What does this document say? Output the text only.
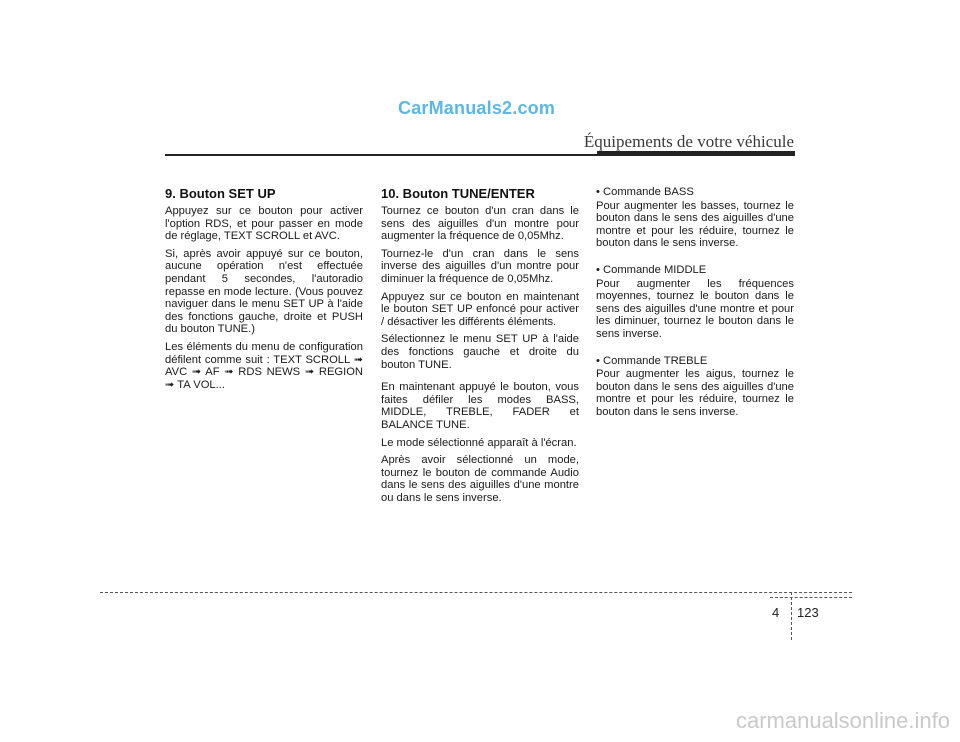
CarManuals2.com
Équipements de votre véhicule
9. Bouton SET UP

Appuyez sur ce bouton pour activer l'option RDS, et pour passer en mode de réglage, TEXT SCROLL et AVC.

Si, après avoir appuyé sur ce bouton, aucune opération n'est effectuée pendant 5 secondes, l'autoradio repasse en mode lecture. (Vous pouvez naviguer dans le menu SET UP à l'aide des fonctions gauche, droite et PUSH du bouton TUNE.)

Les éléments du menu de configuration défilent comme suit : TEXT SCROLL ➟ AVC ➟ AF ➟ RDS NEWS ➟ REGION ➟ TA VOL...

10. Bouton TUNE/ENTER

Tournez ce bouton d'un cran dans le sens des aiguilles d'un montre pour augmenter la fréquence de 0,05Mhz.

Tournez-le d'un cran dans le sens inverse des aiguilles d'un montre pour diminuer la fréquence de 0,05Mhz.

Appuyez sur ce bouton en maintenant le bouton SET UP enfoncé pour activer / désactiver les différents éléments.

Sélectionnez le menu SET UP à l'aide des fonctions gauche et droite du bouton TUNE.

En maintenant appuyé le bouton, vous faites défiler les modes BASS, MIDDLE, TREBLE, FADER et BALANCE TUNE.

Le mode sélectionné apparaît à l'écran.

Après avoir sélectionné un mode, tournez le bouton de commande Audio dans le sens des aiguilles d'une montre ou dans le sens inverse.

• Commande BASS

Pour augmenter les basses, tournez le bouton dans le sens des aiguilles d'une montre et pour les réduire, tournez le bouton dans le sens inverse.

• Commande MIDDLE

Pour augmenter les fréquences moyennes, tournez le bouton dans le sens des aiguilles d'une montre et pour les diminuer, tournez le bouton dans le sens inverse.

• Commande TREBLE

Pour augmenter les aigus, tournez le bouton dans le sens des aiguilles d'une montre et pour les réduire, tournez le bouton dans le sens inverse.

4 123
carmanualsonline.info
